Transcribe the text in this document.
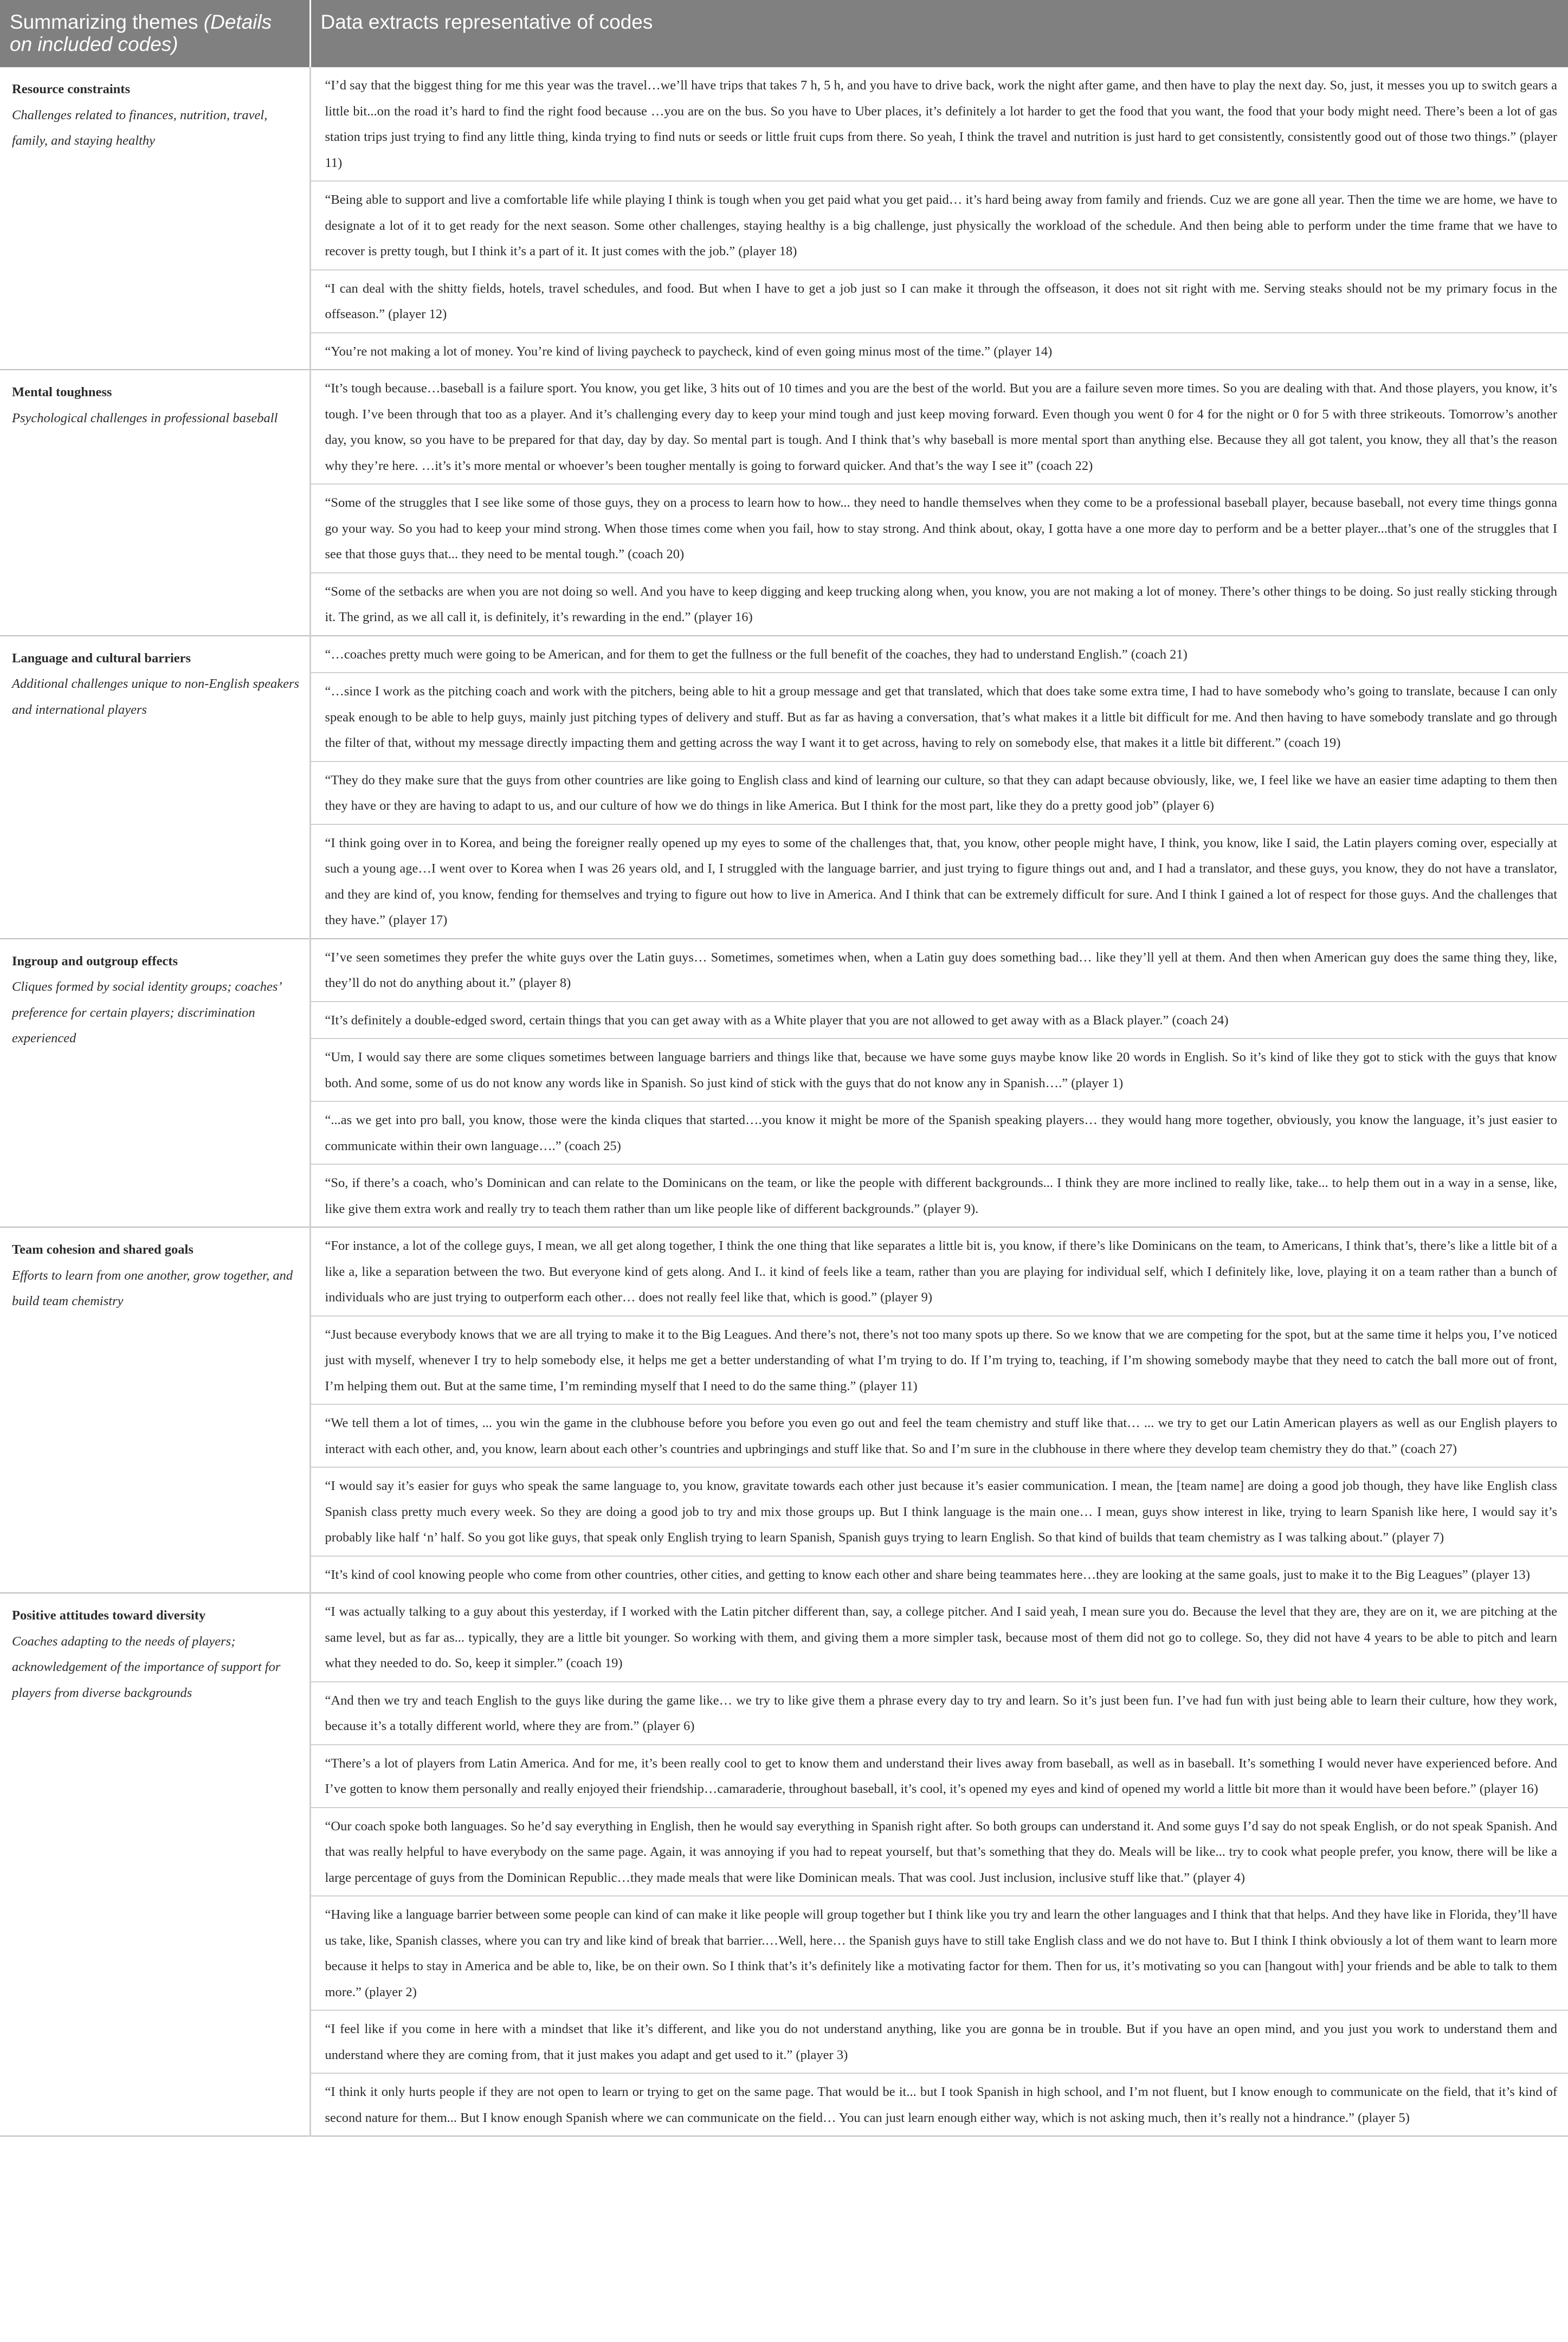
Summarizing themes (Details on included codes)	Data extracts representative of codes

Resource constraints
Challenges related to finances, nutrition, travel, family, and staying healthy	“I’d say that the biggest thing for me this year was the travel…we’ll have trips that takes 7 h, 5 h, and you have to drive back, work the night after game, and then have to play the next day. So, just, it messes you up to switch gears a little bit...on the road it’s hard to find the right food because …you are on the bus. So you have to Uber places, it’s definitely a lot harder to get the food that you want, the food that your body might need. There’s been a lot of gas station trips just trying to find any little thing, kinda trying to find nuts or seeds or little fruit cups from there. So yeah, I think the travel and nutrition is just hard to get consistently, consistently good out of those two things.” (player 11)
	“Being able to support and live a comfortable life while playing I think is tough when you get paid what you get paid… it’s hard being away from family and friends. Cuz we are gone all year. Then the time we are home, we have to designate a lot of it to get ready for the next season. Some other challenges, staying healthy is a big challenge, just physically the workload of the schedule. And then being able to perform under the time frame that we have to recover is pretty tough, but I think it’s a part of it. It just comes with the job.” (player 18)
	“I can deal with the shitty fields, hotels, travel schedules, and food. But when I have to get a job just so I can make it through the offseason, it does not sit right with me. Serving steaks should not be my primary focus in the offseason.” (player 12)
	“You’re not making a lot of money. You’re kind of living paycheck to paycheck, kind of even going minus most of the time.” (player 14)

Mental toughness
Psychological challenges in professional baseball	“It’s tough because…baseball is a failure sport. You know, you get like, 3 hits out of 10 times and you are the best of the world. But you are a failure seven more times. So you are dealing with that. And those players, you know, it’s tough. I’ve been through that too as a player. And it’s challenging every day to keep your mind tough and just keep moving forward. Even though you went 0 for 4 for the night or 0 for 5 with three strikeouts. Tomorrow’s another day, you know, so you have to be prepared for that day, day by day. So mental part is tough. And I think that’s why baseball is more mental sport than anything else. Because they all got talent, you know, they all that’s the reason why they’re here. …it’s it’s more mental or whoever’s been tougher mentally is going to forward quicker. And that’s the way I see it” (coach 22)
	“Some of the struggles that I see like some of those guys, they on a process to learn how to how... they need to handle themselves when they come to be a professional baseball player, because baseball, not every time things gonna go your way. So you had to keep your mind strong. When those times come when you fail, how to stay strong. And think about, okay, I gotta have a one more day to perform and be a better player...that’s one of the struggles that I see that those guys that... they need to be mental tough.” (coach 20)
	“Some of the setbacks are when you are not doing so well. And you have to keep digging and keep trucking along when, you know, you are not making a lot of money. There’s other things to be doing. So just really sticking through it. The grind, as we all call it, is definitely, it’s rewarding in the end.” (player 16)

Language and cultural barriers
Additional challenges unique to non-English speakers and international players	“…coaches pretty much were going to be American, and for them to get the fullness or the full benefit of the coaches, they had to understand English.” (coach 21)
	“…since I work as the pitching coach and work with the pitchers, being able to hit a group message and get that translated, which that does take some extra time, I had to have somebody who’s going to translate, because I can only speak enough to be able to help guys, mainly just pitching types of delivery and stuff. But as far as having a conversation, that’s what makes it a little bit difficult for me. And then having to have somebody translate and go through the filter of that, without my message directly impacting them and getting across the way I want it to get across, having to rely on somebody else, that makes it a little bit different.” (coach 19)
	“They do they make sure that the guys from other countries are like going to English class and kind of learning our culture, so that they can adapt because obviously, like, we, I feel like we have an easier time adapting to them then they have or they are having to adapt to us, and our culture of how we do things in like America. But I think for the most part, like they do a pretty good job” (player 6)
	“I think going over in to Korea, and being the foreigner really opened up my eyes to some of the challenges that, that, you know, other people might have, I think, you know, like I said, the Latin players coming over, especially at such a young age…I went over to Korea when I was 26 years old, and I, I struggled with the language barrier, and just trying to figure things out and, and I had a translator, and these guys, you know, they do not have a translator, and they are kind of, you know, fending for themselves and trying to figure out how to live in America. And I think that can be extremely difficult for sure. And I think I gained a lot of respect for those guys. And the challenges that they have.” (player 17)

Ingroup and outgroup effects
Cliques formed by social identity groups; coaches’ preference for certain players; discrimination experienced	“I’ve seen sometimes they prefer the white guys over the Latin guys… Sometimes, sometimes when, when a Latin guy does something bad… like they’ll yell at them. And then when American guy does the same thing they, like, they’ll do not do anything about it.” (player 8)
	“It’s definitely a double-edged sword, certain things that you can get away with as a White player that you are not allowed to get away with as a Black player.” (coach 24)
	“Um, I would say there are some cliques sometimes between language barriers and things like that, because we have some guys maybe know like 20 words in English. So it’s kind of like they got to stick with the guys that know both. And some, some of us do not know any words like in Spanish. So just kind of stick with the guys that do not know any in Spanish….” (player 1)
	“...as we get into pro ball, you know, those were the kinda cliques that started….you know it might be more of the Spanish speaking players… they would hang more together, obviously, you know the language, it’s just easier to communicate within their own language….” (coach 25)
	“So, if there’s a coach, who’s Dominican and can relate to the Dominicans on the team, or like the people with different backgrounds... I think they are more inclined to really like, take... to help them out in a way in a sense, like, like give them extra work and really try to teach them rather than um like people like of different backgrounds.” (player 9).

Team cohesion and shared goals
Efforts to learn from one another, grow together, and build team chemistry	“For instance, a lot of the college guys, I mean, we all get along together, I think the one thing that like separates a little bit is, you know, if there’s like Dominicans on the team, to Americans, I think that’s, there’s like a little bit of a like a, like a separation between the two. But everyone kind of gets along. And I.. it kind of feels like a team, rather than you are playing for individual self, which I definitely like, love, playing it on a team rather than a bunch of individuals who are just trying to outperform each other… does not really feel like that, which is good.” (player 9)
	“Just because everybody knows that we are all trying to make it to the Big Leagues. And there’s not, there’s not too many spots up there. So we know that we are competing for the spot, but at the same time it helps you, I’ve noticed just with myself, whenever I try to help somebody else, it helps me get a better understanding of what I’m trying to do. If I’m trying to, teaching, if I’m showing somebody maybe that they need to catch the ball more out of front, I’m helping them out. But at the same time, I’m reminding myself that I need to do the same thing.” (player 11)
	“We tell them a lot of times, ... you win the game in the clubhouse before you before you even go out and feel the team chemistry and stuff like that… ... we try to get our Latin American players as well as our English players to interact with each other, and, you know, learn about each other’s countries and upbringings and stuff like that. So and I’m sure in the clubhouse in there where they develop team chemistry they do that.” (coach 27)
	“I would say it’s easier for guys who speak the same language to, you know, gravitate towards each other just because it’s easier communication. I mean, the [team name] are doing a good job though, they have like English class Spanish class pretty much every week. So they are doing a good job to try and mix those groups up. But I think language is the main one… I mean, guys show interest in like, trying to learn Spanish like here, I would say it’s probably like half ‘n’ half. So you got like guys, that speak only English trying to learn Spanish, Spanish guys trying to learn English. So that kind of builds that team chemistry as I was talking about.” (player 7)
	“It’s kind of cool knowing people who come from other countries, other cities, and getting to know each other and share being teammates here…they are looking at the same goals, just to make it to the Big Leagues” (player 13)

Positive attitudes toward diversity
Coaches adapting to the needs of players; acknowledgement of the importance of support for players from diverse backgrounds	“I was actually talking to a guy about this yesterday, if I worked with the Latin pitcher different than, say, a college pitcher. And I said yeah, I mean sure you do. Because the level that they are, they are on it, we are pitching at the same level, but as far as... typically, they are a little bit younger. So working with them, and giving them a more simpler task, because most of them did not go to college. So, they did not have 4 years to be able to pitch and learn what they needed to do. So, keep it simpler.” (coach 19)
	“And then we try and teach English to the guys like during the game like… we try to like give them a phrase every day to try and learn. So it’s just been fun. I’ve had fun with just being able to learn their culture, how they work, because it’s a totally different world, where they are from.” (player 6)
	“There’s a lot of players from Latin America. And for me, it’s been really cool to get to know them and understand their lives away from baseball, as well as in baseball. It’s something I would never have experienced before. And I’ve gotten to know them personally and really enjoyed their friendship…camaraderie, throughout baseball, it’s cool, it’s opened my eyes and kind of opened my world a little bit more than it would have been before.” (player 16)
	“Our coach spoke both languages. So he’d say everything in English, then he would say everything in Spanish right after. So both groups can understand it. And some guys I’d say do not speak English, or do not speak Spanish. And that was really helpful to have everybody on the same page. Again, it was annoying if you had to repeat yourself, but that’s something that they do. Meals will be like... try to cook what people prefer, you know, there will be like a large percentage of guys from the Dominican Republic…they made meals that were like Dominican meals. That was cool. Just inclusion, inclusive stuff like that.” (player 4)
	“Having like a language barrier between some people can kind of can make it like people will group together but I think like you try and learn the other languages and I think that that helps. And they have like in Florida, they’ll have us take, like, Spanish classes, where you can try and like kind of break that barrier.…Well, here… the Spanish guys have to still take English class and we do not have to. But I think I think obviously a lot of them want to learn more because it helps to stay in America and be able to, like, be on their own. So I think that’s it’s definitely like a motivating factor for them. Then for us, it’s motivating so you can [hangout with] your friends and be able to talk to them more.” (player 2)
	“I feel like if you come in here with a mindset that like it’s different, and like you do not understand anything, like you are gonna be in trouble. But if you have an open mind, and you just you work to understand them and understand where they are coming from, that it just makes you adapt and get used to it.” (player 3)
	“I think it only hurts people if they are not open to learn or trying to get on the same page. That would be it... but I took Spanish in high school, and I’m not fluent, but I know enough to communicate on the field, that it’s kind of second nature for them... But I know enough Spanish where we can communicate on the field… You can just learn enough either way, which is not asking much, then it’s really not a hindrance.” (player 5)
